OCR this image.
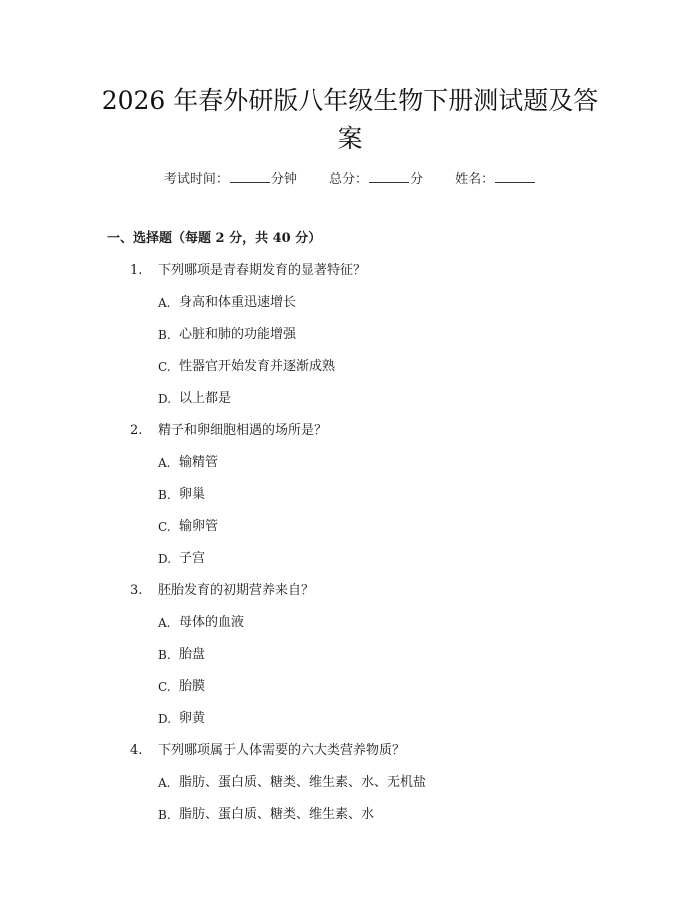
2026 年春外研版八年级生物下册测试题及答案
考试时间：	分钟 总分：	分 姓名：
一、选择题（每题 2 分，共 40 分）
1. 下列哪项是青春期发育的显著特征？
A. 身高和体重迅速增长
B. 心脏和肺的功能增强
C. 性器官开始发育并逐渐成熟
D. 以上都是
2. 精子和卵细胞相遇的场所是？
A. 输精管
B. 卵巢
C. 输卵管
D. 子宫
3. 胚胎发育的初期营养来自？
A. 母体的血液
B. 胎盘
C. 胎膜
D. 卵黄
4. 下列哪项属于人体需要的六大类营养物质？
A. 脂肪、蛋白质、糖类、维生素、水、无机盐
B. 脂肪、蛋白质、糖类、维生素、水
